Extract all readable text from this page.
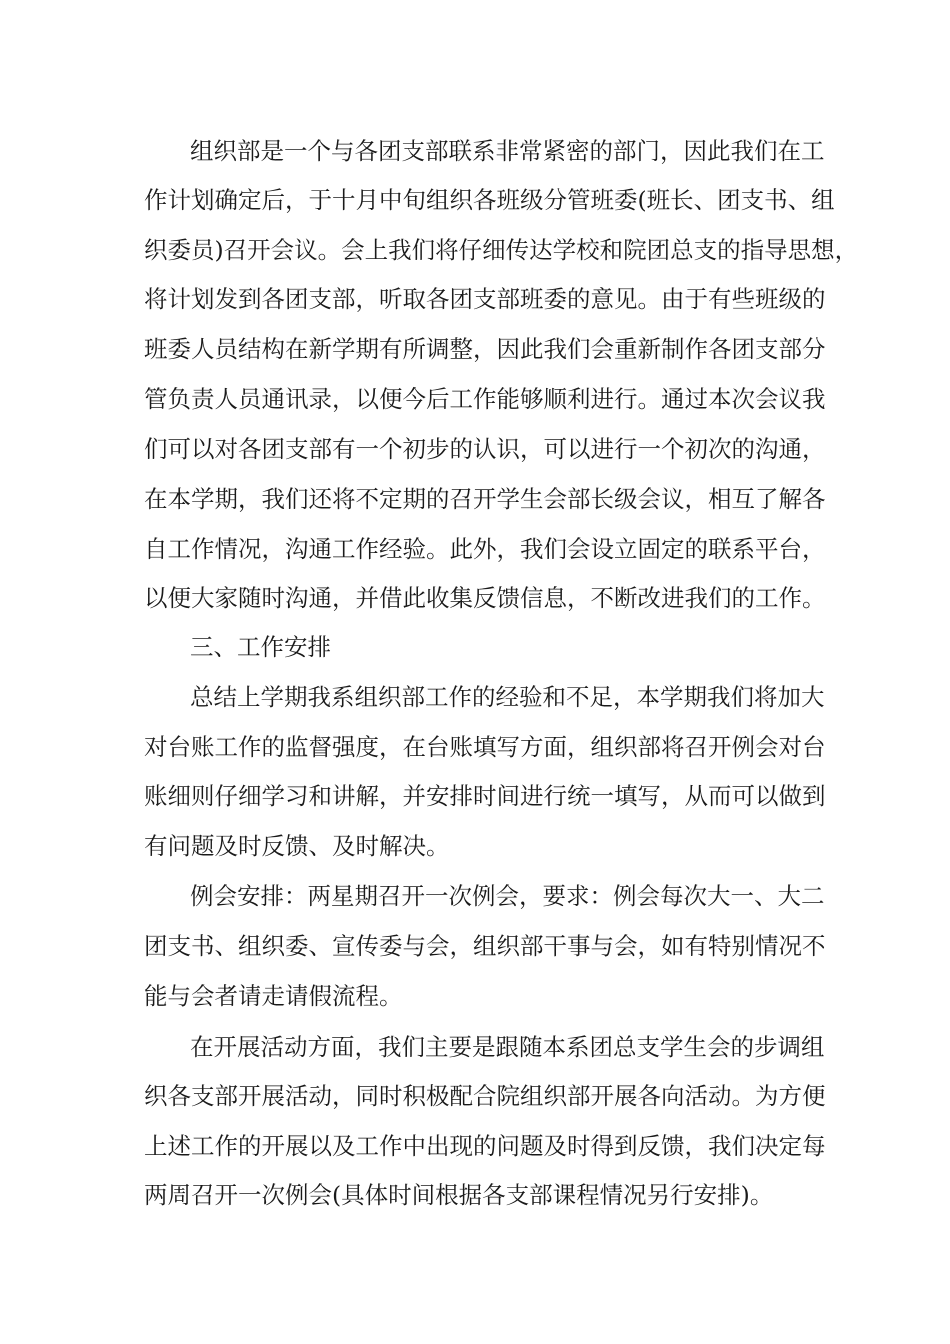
组织部是一个与各团支部联系非常紧密的部门，因此我们在工
作计划确定后，于十月中旬组织各班级分管班委(班长、团支书、组
织委员)召开会议。会上我们将仔细传达学校和院团总支的指导思想，
将计划发到各团支部，听取各团支部班委的意见。由于有些班级的
班委人员结构在新学期有所调整，因此我们会重新制作各团支部分
管负责人员通讯录，以便今后工作能够顺利进行。通过本次会议我
们可以对各团支部有一个初步的认识，可以进行一个初次的沟通，
在本学期，我们还将不定期的召开学生会部长级会议，相互了解各
自工作情况，沟通工作经验。此外，我们会设立固定的联系平台，
以便大家随时沟通，并借此收集反馈信息，不断改进我们的工作。
三、工作安排
总结上学期我系组织部工作的经验和不足，本学期我们将加大
对台账工作的监督强度，在台账填写方面，组织部将召开例会对台
账细则仔细学习和讲解，并安排时间进行统一填写，从而可以做到
有问题及时反馈、及时解决。
例会安排：两星期召开一次例会，要求：例会每次大一、大二
团支书、组织委、宣传委与会，组织部干事与会，如有特别情况不
能与会者请走请假流程。
在开展活动方面，我们主要是跟随本系团总支学生会的步调组
织各支部开展活动，同时积极配合院组织部开展各向活动。为方便
上述工作的开展以及工作中出现的问题及时得到反馈，我们决定每
两周召开一次例会(具体时间根据各支部课程情况另行安排)。
